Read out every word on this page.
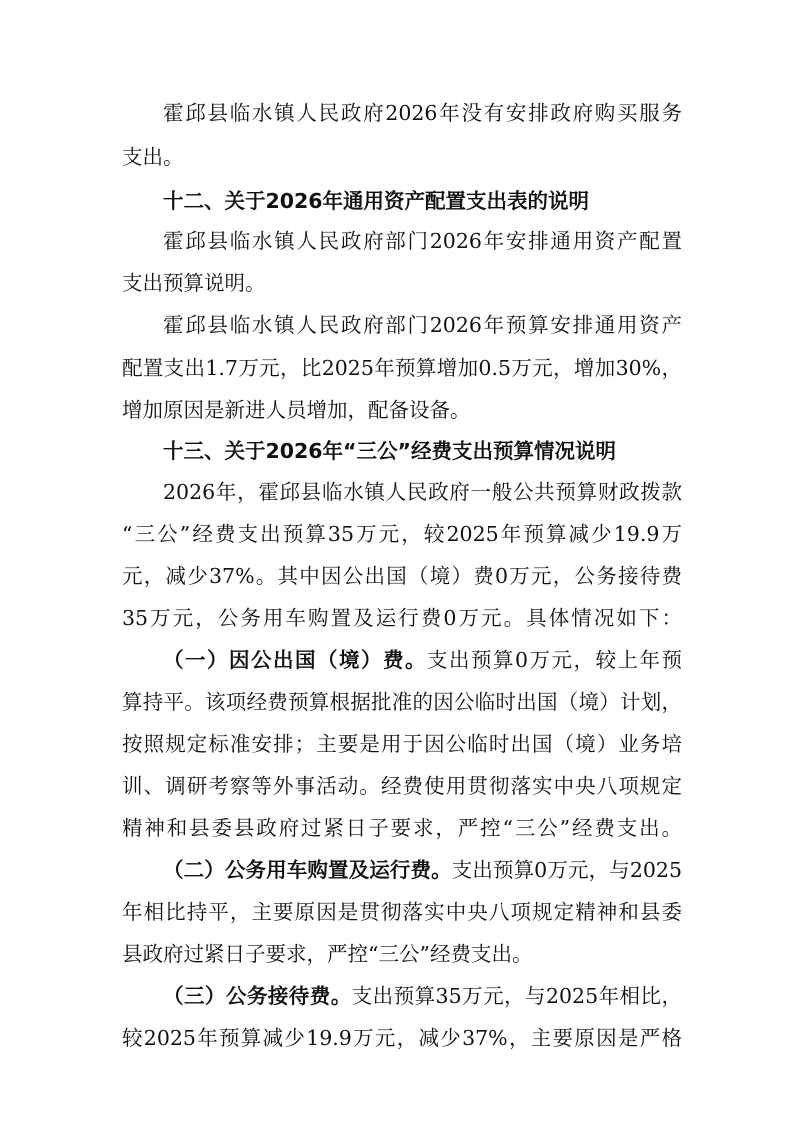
霍邱县临水镇人民政府2026年没有安排政府购买服务
支出。
十二、关于2026年通用资产配置支出表的说明
霍邱县临水镇人民政府部门2026年安排通用资产配置
支出预算说明。
霍邱县临水镇人民政府部门2026年预算安排通用资产
配置支出1.7万元，比2025年预算增加0.5万元，增加30%，
增加原因是新进人员增加，配备设备。
十三、关于2026年“三公”经费支出预算情况说明
2026年，霍邱县临水镇人民政府一般公共预算财政拨款
“三公”经费支出预算35万元，较2025年预算减少19.9万
元，减少37%。其中因公出国（境）费0万元，公务接待费
35万元，公务用车购置及运行费0万元。具体情况如下：
（一）因公出国（境）费。支出预算0万元，较上年预
算持平。该项经费预算根据批准的因公临时出国（境）计划，
按照规定标准安排；主要是用于因公临时出国（境）业务培
训、调研考察等外事活动。经费使用贯彻落实中央八项规定
精神和县委县政府过紧日子要求，严控“三公”经费支出。
（二）公务用车购置及运行费。支出预算0万元，与2025
年相比持平，主要原因是贯彻落实中央八项规定精神和县委
县政府过紧日子要求，严控“三公”经费支出。
（三）公务接待费。支出预算35万元，与2025年相比，
较2025年预算减少19.9万元，减少37%，主要原因是严格
